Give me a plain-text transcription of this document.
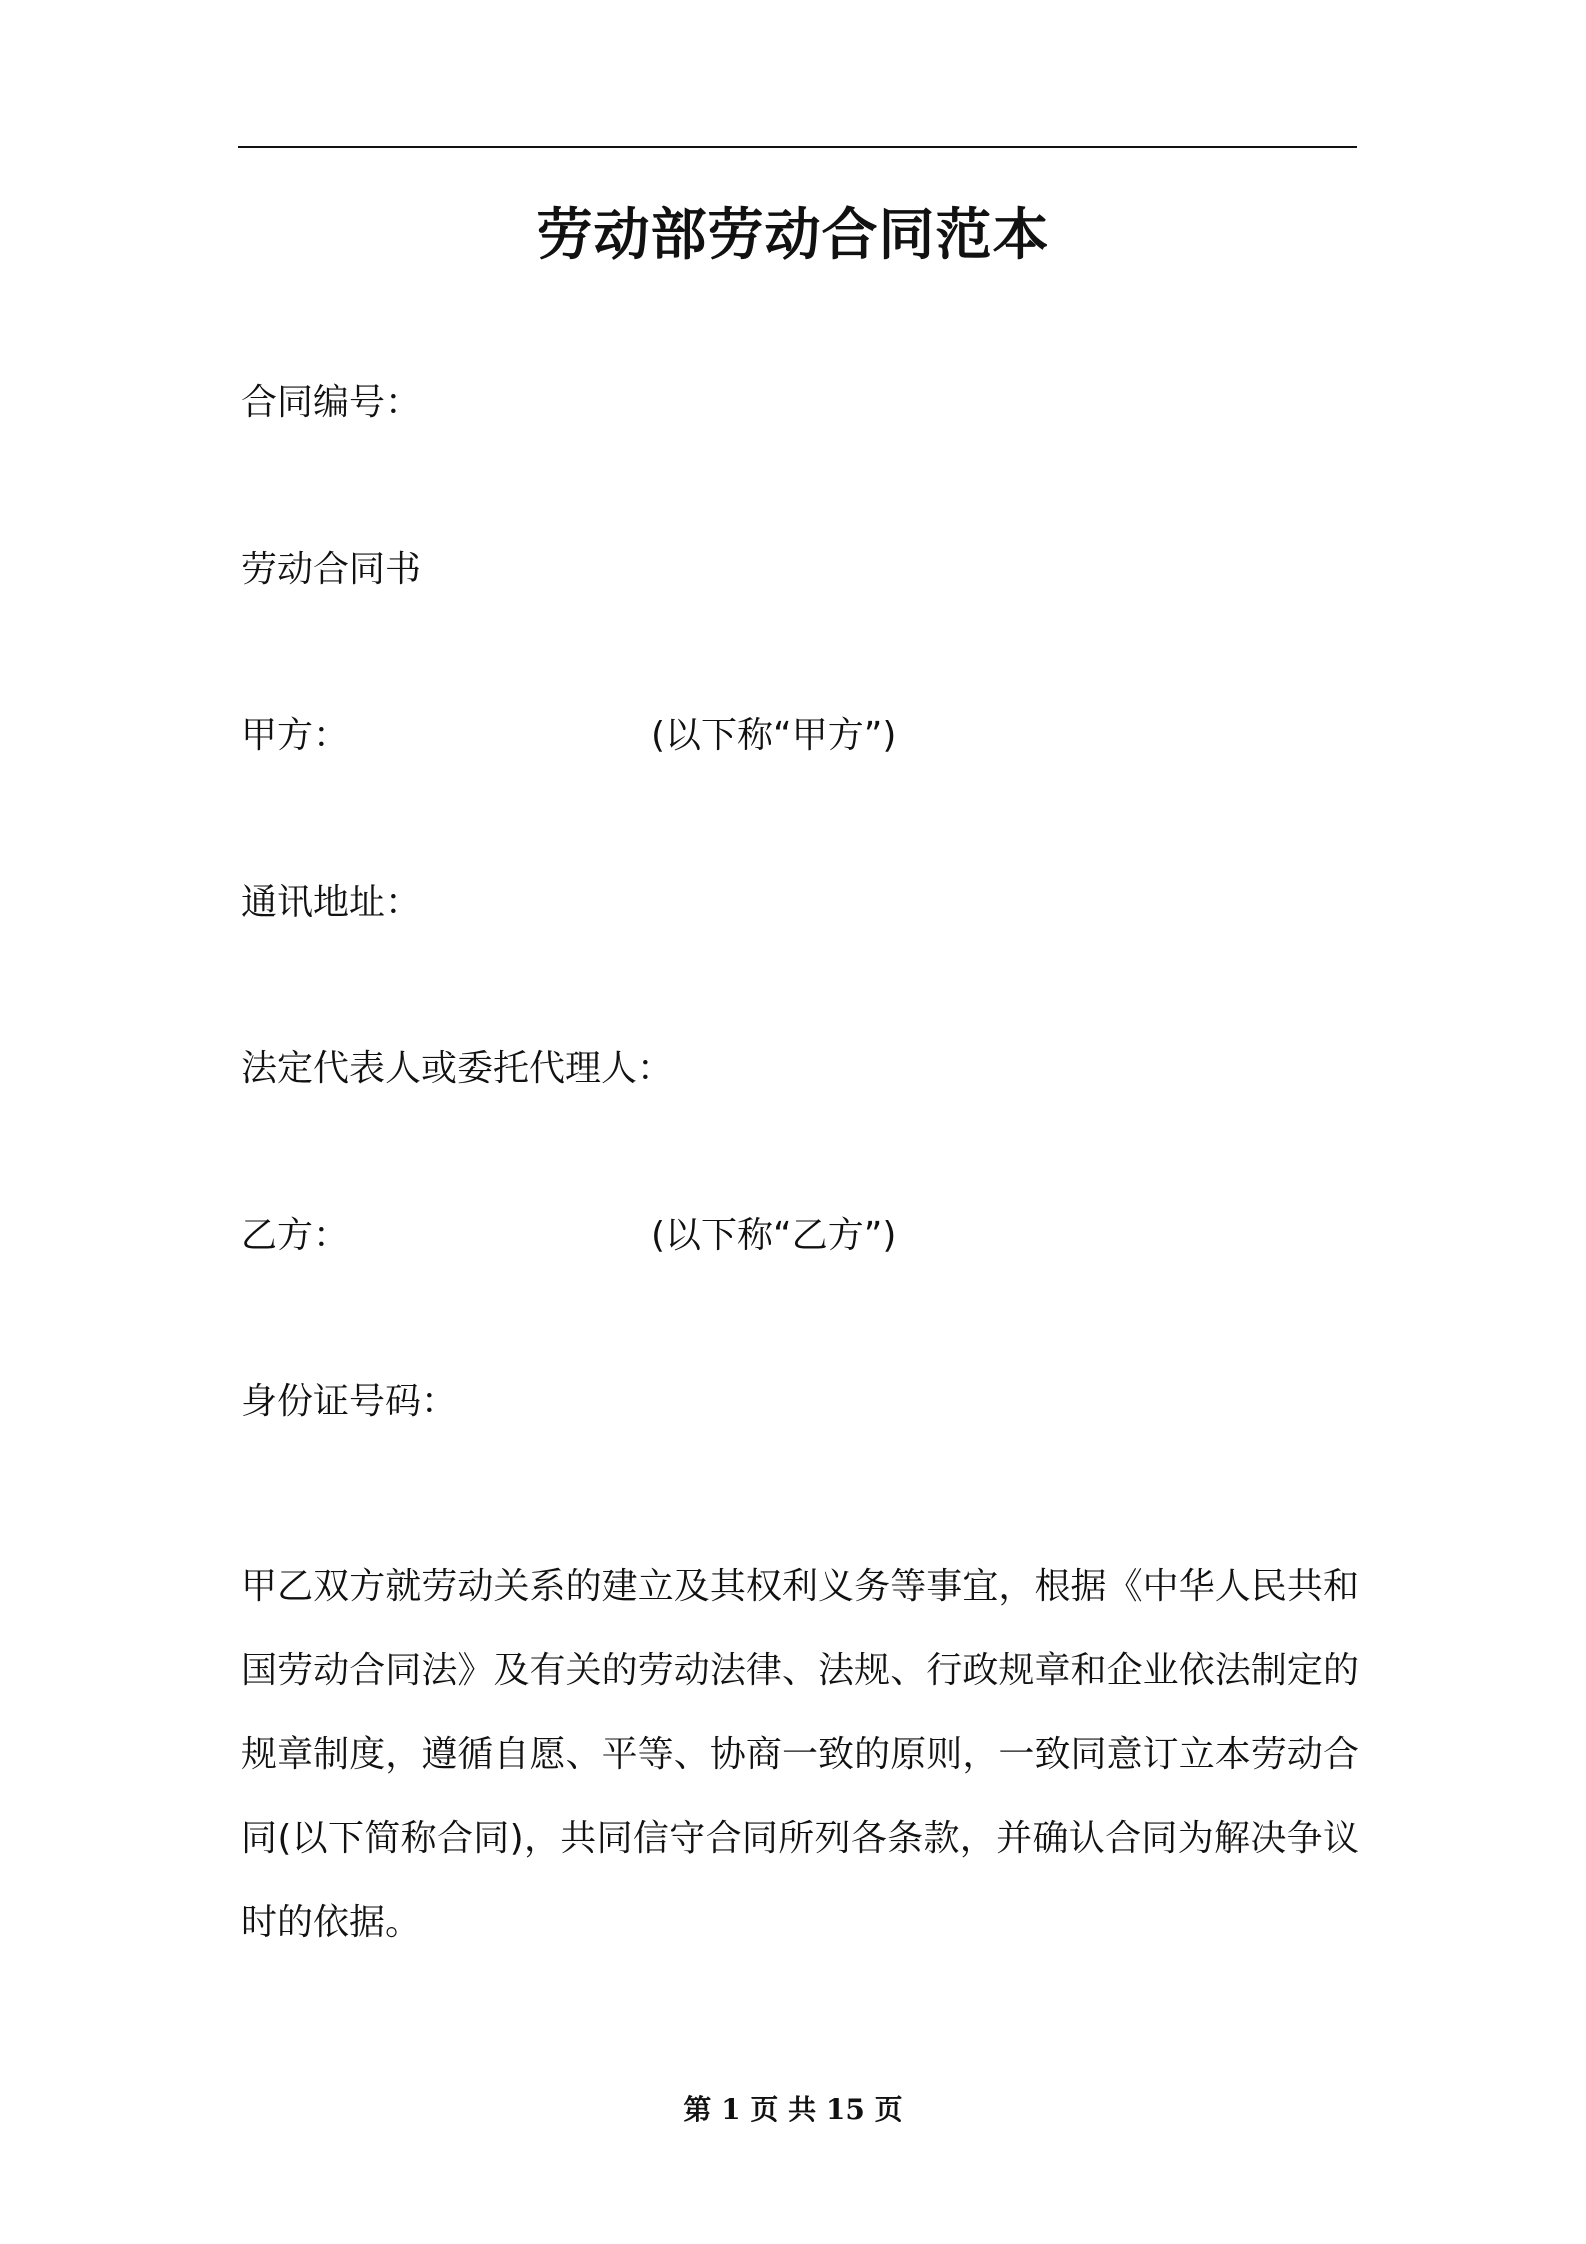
劳动部劳动合同范本
合同编号：
劳动合同书
甲方：	(以下称“甲方”)
通讯地址：
法定代表人或委托代理人：
乙方：	(以下称“乙方”)
身份证号码：
甲乙双方就劳动关系的建立及其权利义务等事宜，根据《中华人民共和国劳动合同法》及有关的劳动法律、法规、行政规章和企业依法制定的规章制度，遵循自愿、平等、协商一致的原则，一致同意订立本劳动合同(以下简称合同)，共同信守合同所列各条款，并确认合同为解决争议时的依据。
第 1 页 共 15 页
